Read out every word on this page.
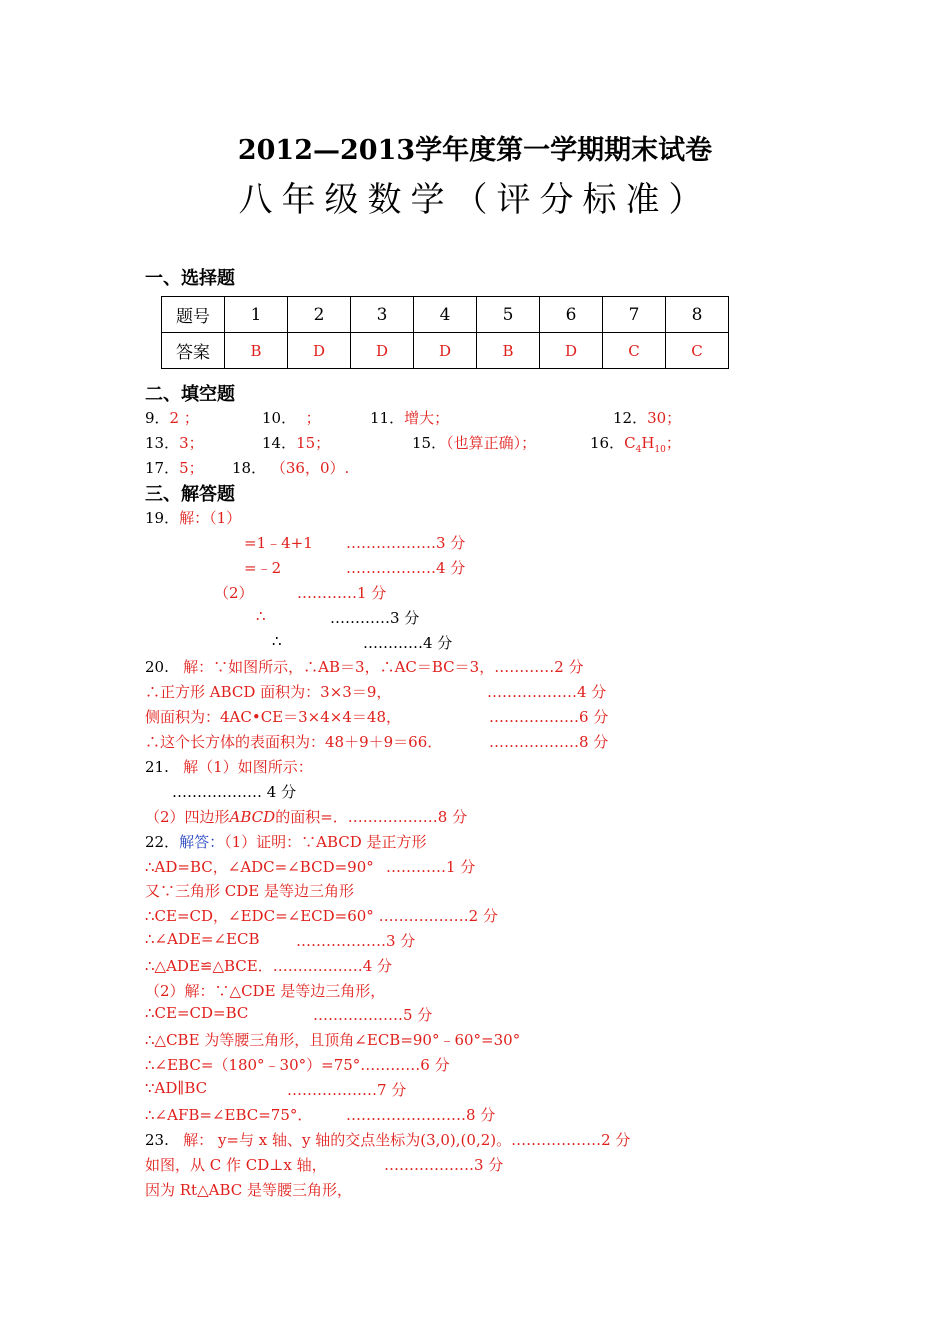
2012—2013学年度第一学期期末试卷
八年级数学（评分标准）
一、选择题
题号	1	2	3	4	5	6	7	8
答案	B	D	D	D	B	D	C	C
二、填空题
9．2 ；	10． ；	11．增大；	12．30；
13．3；	14．15；	15．（也算正确）；	16．$C_4H_{10}$；
17．5； 18． （36，0）.
三、解答题
19．解：（1）
=1﹣4+1 ………………3 分
=﹣2	………………4 分
（2）	…………1 分
∴	…………3 分
∴	…………4 分
20. 解：∵如图所示，∴AB＝3，∴AC＝BC＝3，…………2 分
∴正方形 ABCD 面积为：3×3＝9，	………………4 分
侧面积为：4AC•CE＝3×4×4＝48，	………………6 分
∴这个长方体的表面积为：48＋9＋9＝66．	………………8 分
21. 解（1）如图所示：
……………… 4 分
（2）四边形ABCD的面积=．………………8 分
22．解答：（1）证明：∵ABCD 是正方形
∴AD=BC，∠ADC=∠BCD=90° …………1 分
又∵三角形 CDE 是等边三角形
∴CE=CD，∠EDC=∠ECD=60° ………………2 分
∴∠ADE=∠ECB ………………3 分
∴△ADE≌△BCE．………………4 分
（2）解：∵△CDE 是等边三角形，
∴CE=CD=BC	………………5 分
∴△CBE 为等腰三角形，且顶角∠ECB=90°﹣60°=30°
∴∠EBC=（180°﹣30°）=75°…………6 分
∵AD∥BC	………………7 分
∴∠AFB=∠EBC=75°． ……………………8 分
23. 解： y=与 x 轴、y 轴的交点坐标为(3,0),(0,2)。………………2 分
如图，从 C 作 CD⊥x 轴，	………………3 分
因为 Rt△ABC 是等腰三角形，
